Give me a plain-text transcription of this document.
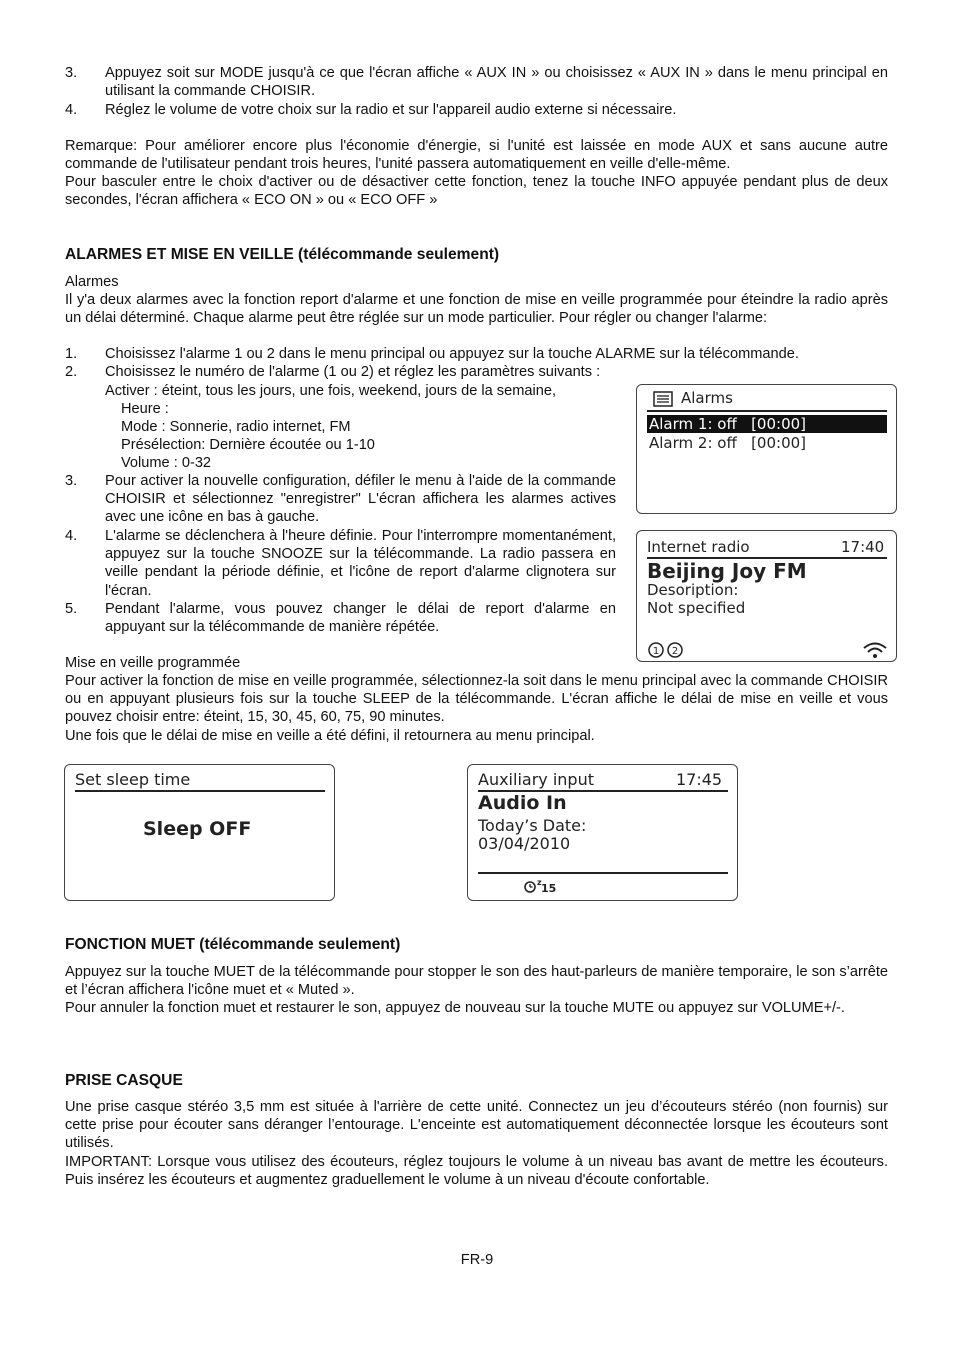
3.	Appuyez soit sur MODE jusqu'à ce que l'écran affiche « AUX IN » ou choisissez « AUX IN » dans le menu principal en utilisant la commande CHOISIR.
4.	Réglez le volume de votre choix sur la radio et sur l'appareil audio externe si nécessaire.
Remarque: Pour améliorer encore plus l'économie d'énergie, si l'unité est laissée en mode AUX et sans aucune autre commande de l'utilisateur pendant trois heures, l'unité passera automatiquement en veille d'elle-même.
Pour basculer entre le choix d'activer ou de désactiver cette fonction, tenez la touche INFO appuyée pendant plus de deux secondes, l'écran affichera « ECO ON » ou « ECO OFF »
ALARMES ET MISE EN VEILLE (télécommande seulement)
Alarmes
Il y'a deux alarmes avec la fonction report d'alarme et une fonction de mise en veille programmée pour éteindre la radio après un délai déterminé. Chaque alarme peut être réglée sur un mode particulier. Pour régler ou changer l'alarme:
1.	Choisissez l'alarme 1 ou 2 dans le menu principal ou appuyez sur la touche ALARME sur la télécommande.
2.	Choisissez le numéro de l'alarme (1 ou 2) et réglez les paramètres suivants :
Activer : éteint, tous les jours, une fois, weekend, jours de la semaine,
Heure :
Mode : Sonnerie, radio internet, FM
Présélection: Dernière écoutée ou 1-10
Volume : 0-32
3.	Pour activer la nouvelle configuration, défiler le menu à l'aide de la commande CHOISIR et sélectionnez "enregistrer" L'écran affichera les alarmes actives avec une icône en bas à gauche.
4.	L'alarme se déclenchera à l'heure définie. Pour l'interrompre momentanément, appuyez sur la touche SNOOZE sur la télécommande. La radio passera en veille pendant la période définie, et l'icône de report d'alarme clignotera sur l'écran.
5.	Pendant l'alarme, vous pouvez changer le délai de report d'alarme en appuyant sur la télécommande de manière répétée.
Alarms
Alarm 1: off   [00:00]
Alarm 2: off   [00:00]
Internet radio	17:40
Beijing Joy FM
Desoription:
Not specified
1 2
Mise en veille programmée
Pour activer la fonction de mise en veille programmée, sélectionnez-la soit dans le menu principal avec la commande CHOISIR ou en appuyant plusieurs fois sur la touche SLEEP de la télécommande. L'écran affiche le délai de mise en veille et vous pouvez choisir entre: éteint, 15, 30, 45, 60, 75, 90 minutes.
Une fois que le délai de mise en veille a été défini, il retournera au menu principal.
Set sleep time
Sleep OFF
Auxiliary input	17:45
Audio In
Today’s Date:
03/04/2010
z 15
FONCTION MUET (télécommande seulement)
Appuyez sur la touche MUET de la télécommande pour stopper le son des haut-parleurs de manière temporaire, le son s’arrête et l’écran affichera l'icône muet et « Muted ».
Pour annuler la fonction muet et restaurer le son, appuyez de nouveau sur la touche MUTE ou appuyez sur VOLUME+/-.
PRISE CASQUE
Une prise casque stéréo 3,5 mm est située à l'arrière de cette unité. Connectez un jeu d’écouteurs stéréo (non fournis) sur cette prise pour écouter sans déranger l’entourage. L'enceinte est automatiquement déconnectée lorsque les écouteurs sont utilisés.
IMPORTANT: Lorsque vous utilisez des écouteurs, réglez toujours le volume à un niveau bas avant de mettre les écouteurs. Puis insérez les écouteurs et augmentez graduellement le volume à un niveau d'écoute confortable.
FR-9
